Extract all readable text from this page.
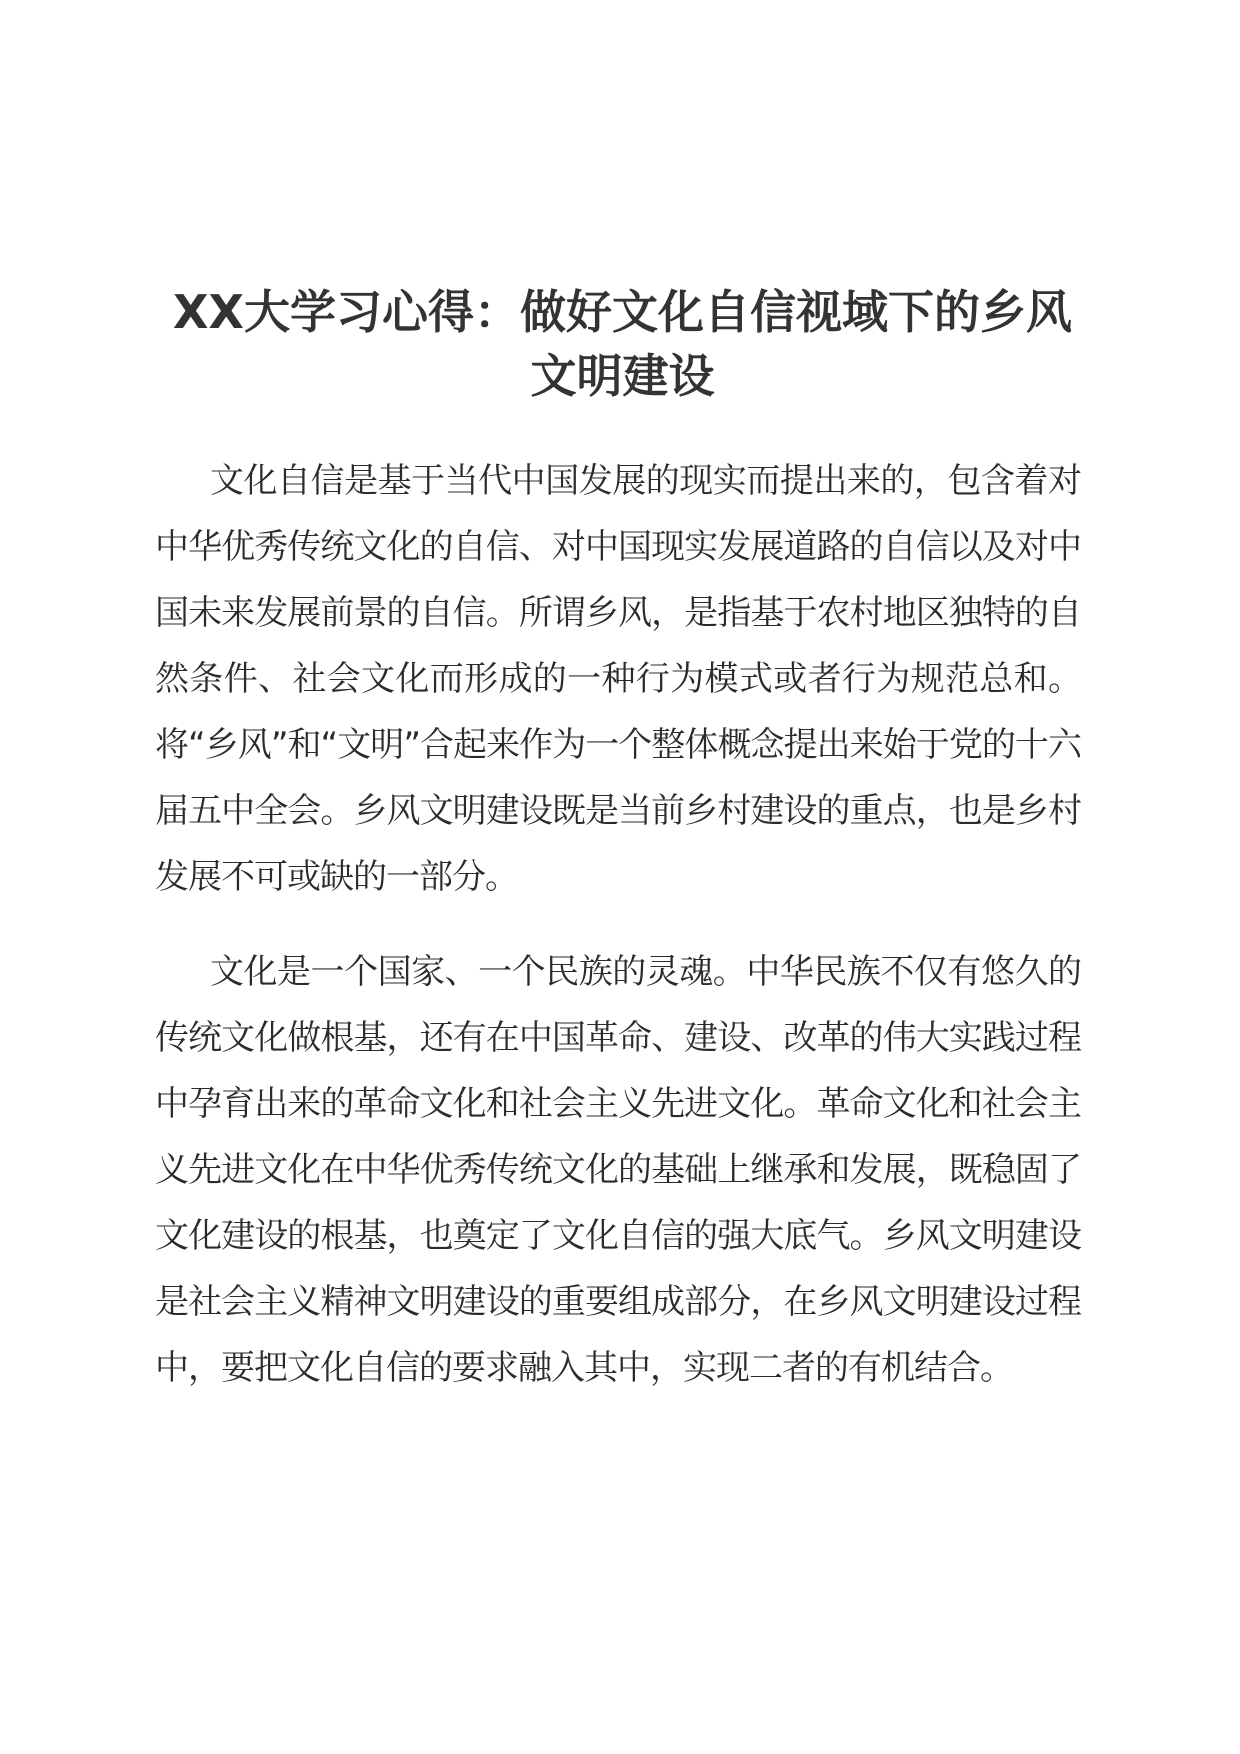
XX大学习心得：做好文化自信视域下的乡风文明建设

文化自信是基于当代中国发展的现实而提出来的，包含着对中华优秀传统文化的自信、对中国现实发展道路的自信以及对中国未来发展前景的自信。所谓乡风，是指基于农村地区独特的自然条件、社会文化而形成的一种行为模式或者行为规范总和。将“乡风”和“文明”合起来作为一个整体概念提出来始于党的十六届五中全会。乡风文明建设既是当前乡村建设的重点，也是乡村发展不可或缺的一部分。

文化是一个国家、一个民族的灵魂。中华民族不仅有悠久的传统文化做根基，还有在中国革命、建设、改革的伟大实践过程中孕育出来的革命文化和社会主义先进文化。革命文化和社会主义先进文化在中华优秀传统文化的基础上继承和发展，既稳固了文化建设的根基，也奠定了文化自信的强大底气。乡风文明建设是社会主义精神文明建设的重要组成部分，在乡风文明建设过程中，要把文化自信的要求融入其中，实现二者的有机结合。
